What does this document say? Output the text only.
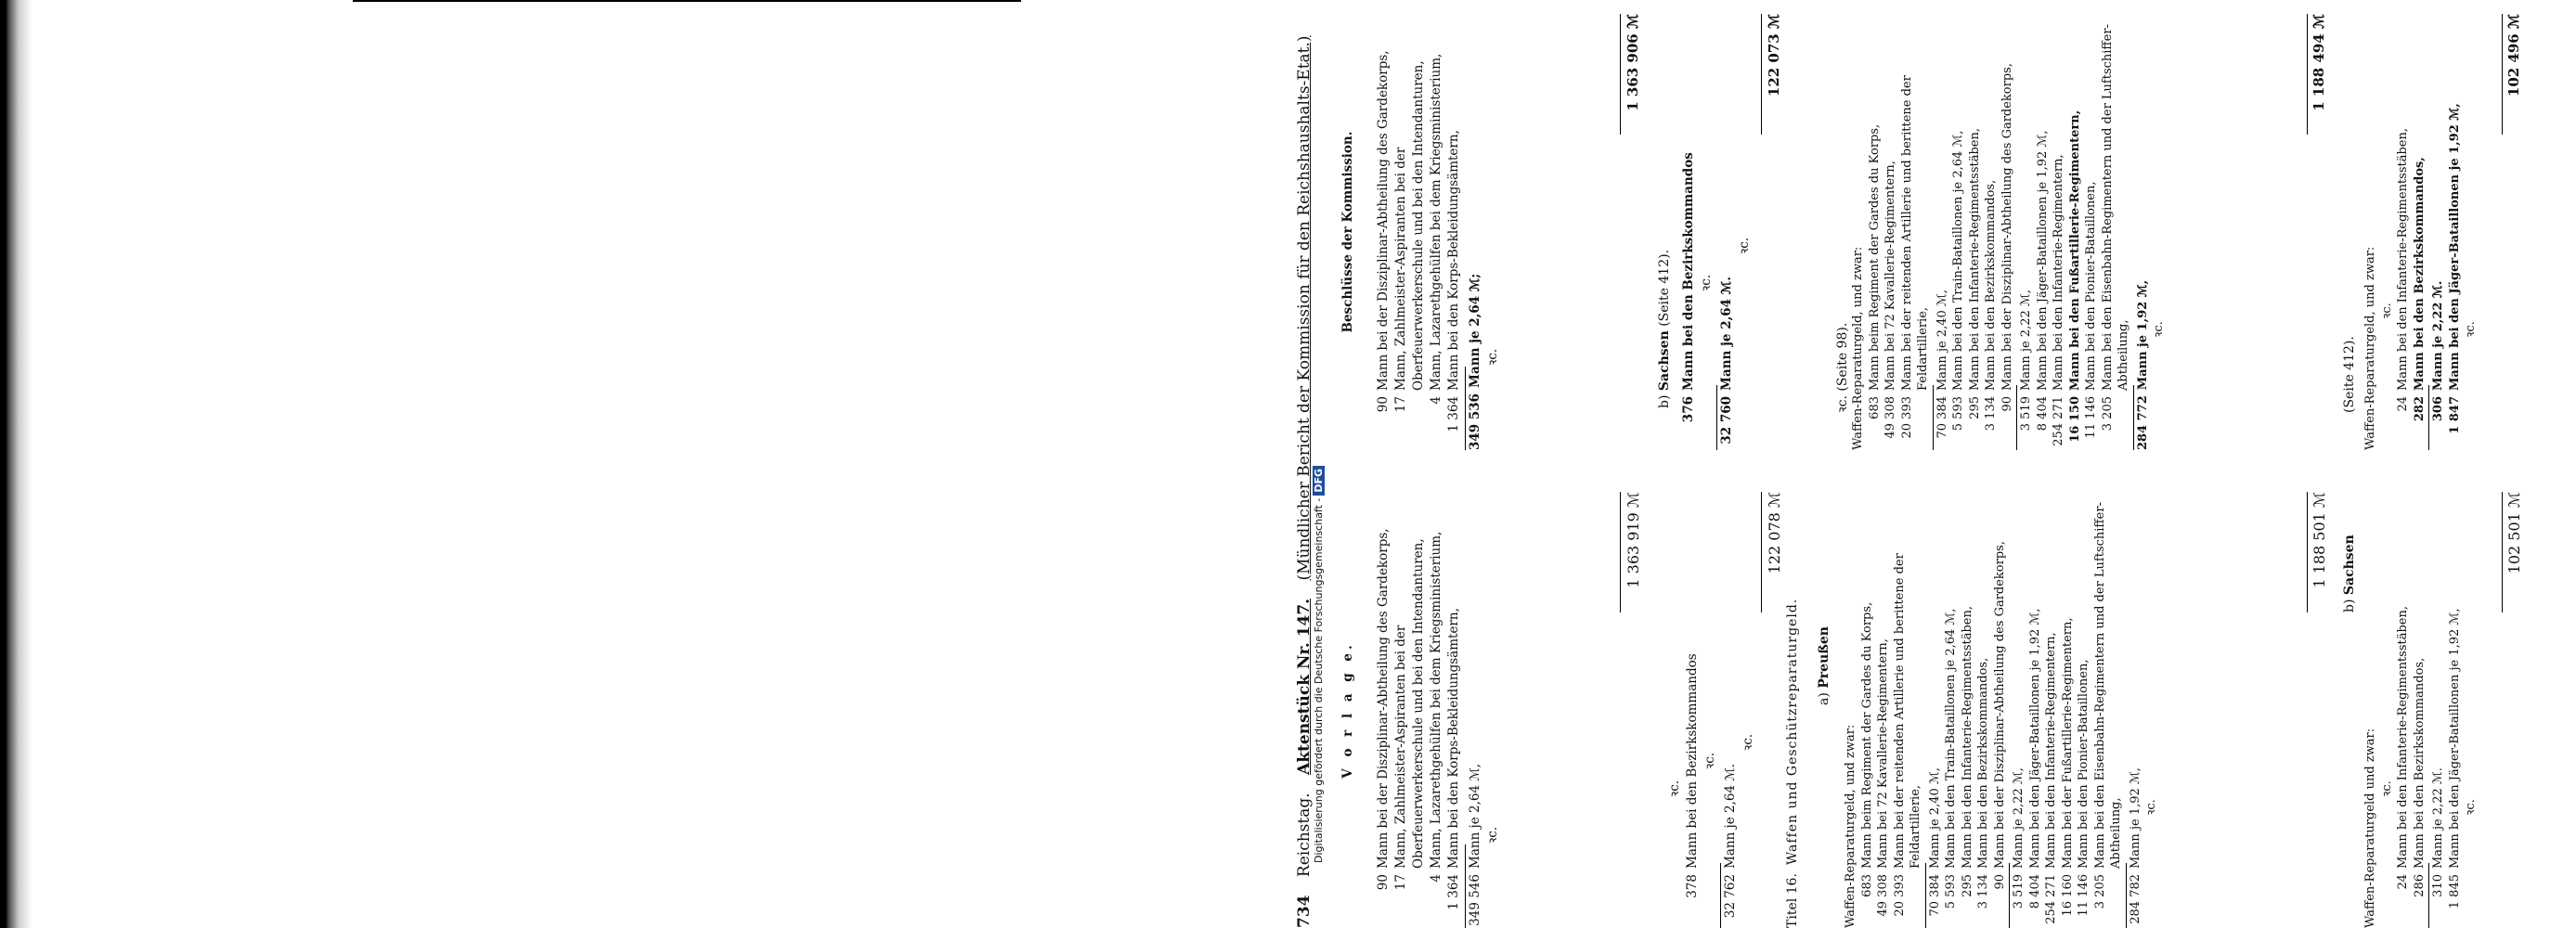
Digitalisierung gefördert durch die Deutsche Forschungsgemeinschaft -DFG
734 Reichstag. Aktenstück Nr. 147. (Mündlicher Bericht der Kommission für den Reichshaushalts-Etat.)
V o r l a g e.
Beschlüsse der Kommission.
90
Mann bei der Disziplinar-Abtheilung des Gardekorps,
17
Mann, Zahlmeister-Aspiranten bei der Oberfeuerwerkerschule und bei den Intendanturen,
4
Mann, Lazarethgehülfen bei dem Kriegsministerium,
1 364
Mann bei den Korps-Bekleidungsämtern,
349 546
Mann je 2,64 ℳ, ꝛc.
1 363 919 ℳ
90
Mann bei der Disziplinar-Abtheilung des Gardekorps,
17
Mann, Zahlmeister-Aspiranten bei der Oberfeuerwerkerschule und bei den Intendanturen,
4
Mann, Lazarethgehülfen bei dem Kriegsministerium,
1 364
Mann bei den Korps-Bekleidungsämtern,
349 536
Mann je 2,64 ℳ; ꝛc.
1 363 906 ℳ
ꝛc.
378
Mann bei den Bezirkskommandos ꝛc.
32 762
Mann je 2,64 ℳ.
ꝛc.
122 078 ℳ
b) Sachsen (Seite 412).
376
Mann bei den Bezirkskommandos ꝛc.
32 760
Mann je 2,64 ℳ.
ꝛc.
122 073 ℳ
Titel 16.  Waffen und Geschützreparaturgeld. a) Preußen
ꝛc. (Seite 98).
Waffen-Reparaturgeld, und zwar: 683
Mann beim Regiment der Gardes du Korps,
49 308
Mann bei 72 Kavallerie-Regimentern,
20 393
Mann bei der reitenden Artillerie und berittene der Feldartillerie,
70 384
Mann je 2,40 ℳ,
5 593
Mann bei den Train-Bataillonen je 2,64 ℳ,
295
Mann bei den Infanterie-Regimentsstäben,
3 134
Mann bei den Bezirkskommandos,
90
Mann bei der Disziplinar-Abtheilung des Gardekorps,
3 519
Mann je 2,22 ℳ,
8 404
Mann bei den Jäger-Bataillonen je 1,92 ℳ,
254 271
Mann bei den Infanterie-Regimentern,
16 160
Mann bei der Fußartillerie-Regimentern,
11 146
Mann bei den Pionier-Bataillonen,
3 205
Mann bei den Eisenbahn-Regimentern und der Luftschiffer-Abtheilung,
284 782
Mann je 1,92 ℳ, ꝛc.
1 188 501 ℳ
Waffen-Reparaturgeld, und zwar: 683
Mann beim Regiment der Gardes du Korps,
49 308
Mann bei 72 Kavallerie-Regimentern,
20 393
Mann bei der reitenden Artillerie und berittene der Feldartillerie,
70 384
Mann je 2,40 ℳ,
5 593
Mann bei den Train-Bataillonen je 2,64 ℳ,
295
Mann bei den Infanterie-Regimentsstäben,
3 134
Mann bei den Bezirkskommandos,
90
Mann bei der Disziplinar-Abtheilung des Gardekorps,
3 519
Mann je 2,22 ℳ,
8 404
Mann bei den Jäger-Bataillonen je 1,92 ℳ,
254 271
Mann bei den Infanterie-Regimentern,
16 150
Mann bei den Fußartillerie-Regimentern,
11 146
Mann bei den Pionier-Bataillonen,
3 205
Mann bei den Eisenbahn-Regimentern und der Luftschiffer-Abtheilung,
284 772
Mann je 1,92 ℳ, ꝛc.
1 188 494 ℳ
b) Sachsen
(Seite 412).
Waffen-Reparaturgeld und zwar: ꝛc.
24
Mann bei den Infanterie-Regimentsstäben,
286
Mann bei den Bezirkskommandos,
310
Mann je 2,22 ℳ.
1 845
Mann bei den Jäger-Bataillonen je 1,92 ℳ, ꝛc.
102 501 ℳ
Waffen-Reparaturgeld, und zwar: ꝛc.
24
Mann bei den Infanterie-Regimentsstäben,
282
Mann bei den Bezirkskommandos,
306
Mann je 2,22 ℳ.
1 847
Mann bei den Jäger-Bataillonen je 1,92 ℳ, ꝛc.
102 496 ℳ
